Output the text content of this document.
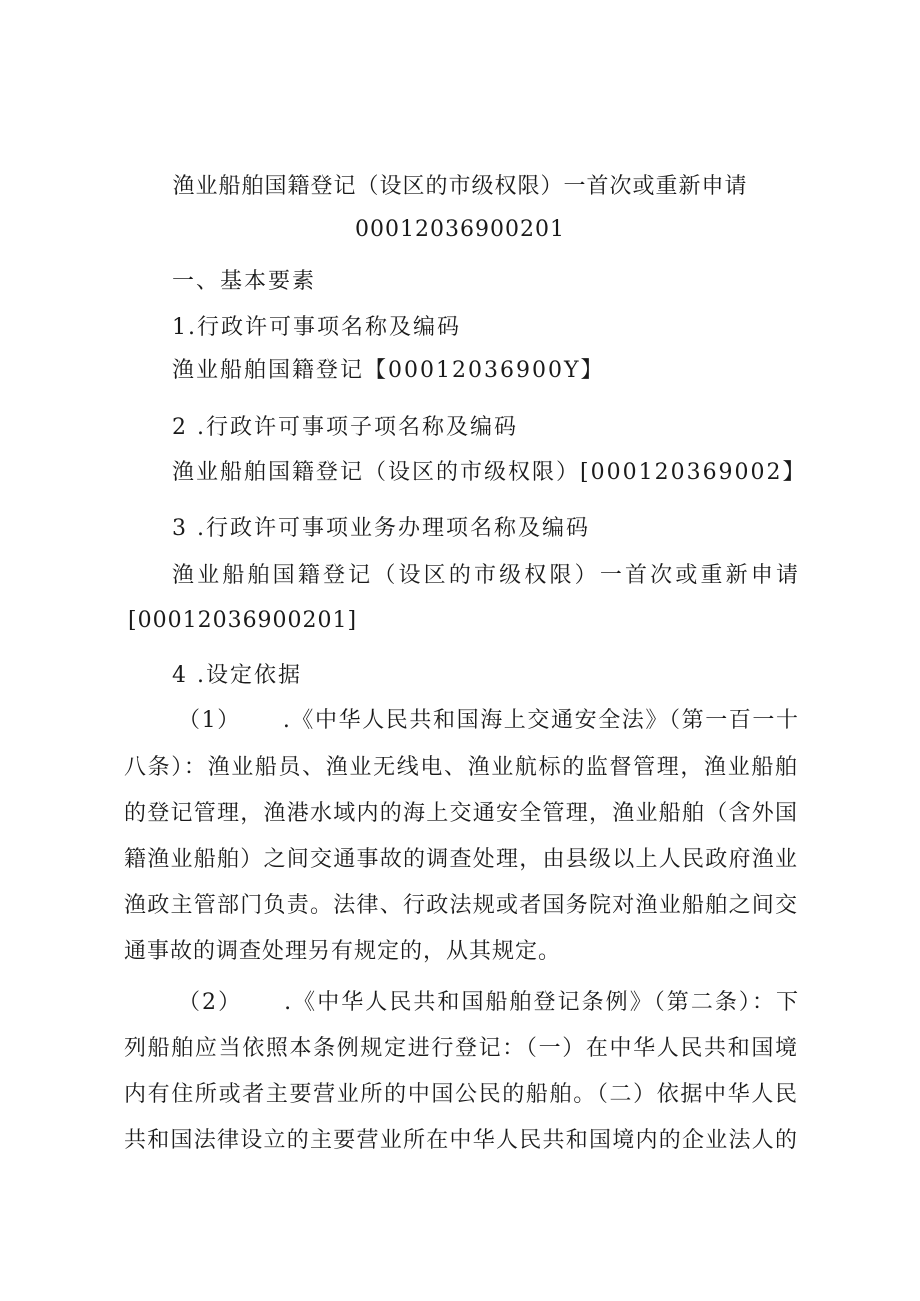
渔业船舶国籍登记（设区的市级权限）一首次或重新申请

00012036900201

一、基本要素

1.行政许可事项名称及编码

渔业船舶国籍登记【00012036900Y】

2 .行政许可事项子项名称及编码

渔业船舶国籍登记（设区的市级权限）[000120369002】

3 .行政许可事项业务办理项名称及编码

渔业船舶国籍登记（设区的市级权限）一首次或重新申请

[00012036900201]

4 .设定依据

（1） .《中华人民共和国海上交通安全法》（第一百一十

八条）：渔业船员、渔业无线电、渔业航标的监督管理，渔业船舶

的登记管理，渔港水域内的海上交通安全管理，渔业船舶（含外国

籍渔业船舶）之间交通事故的调查处理，由县级以上人民政府渔业

渔政主管部门负责。法律、行政法规或者国务院对渔业船舶之间交

通事故的调查处理另有规定的，从其规定。

（2） .《中华人民共和国船舶登记条例》（第二条）：下

列船舶应当依照本条例规定进行登记：（一）在中华人民共和国境

内有住所或者主要营业所的中国公民的船舶。（二）依据中华人民

共和国法律设立的主要营业所在中华人民共和国境内的企业法人的
